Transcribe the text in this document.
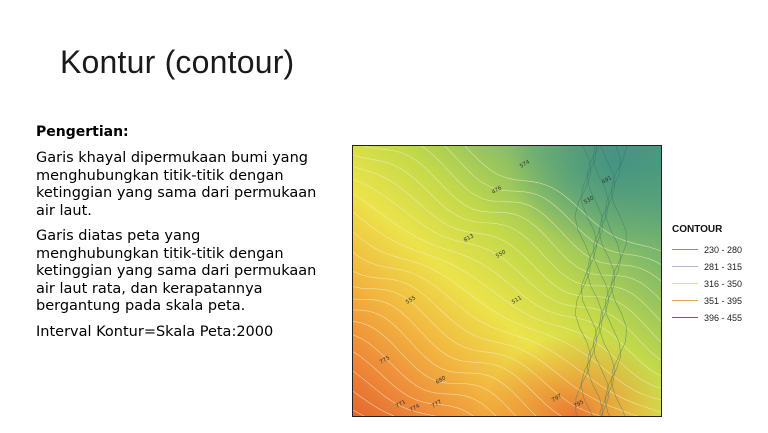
Kontur (contour)

Pengertian:

Garis khayal dipermukaan bumi yang menghubungkan titik-titik dengan ketinggian yang sama dari permukaan air laut.

Garis diatas peta yang menghubungkan titik-titik dengan ketinggian yang sama dari permukaan air laut rata, dan kerapatannya bergantung pada skala peta.

Interval Kontur=Skala Peta:2000

574
491
530
476
813
550
511
555
775
680
771 774 777
797
795
CONTOUR
230 - 280
281 - 315
316 - 350
351 - 395
396 - 455
